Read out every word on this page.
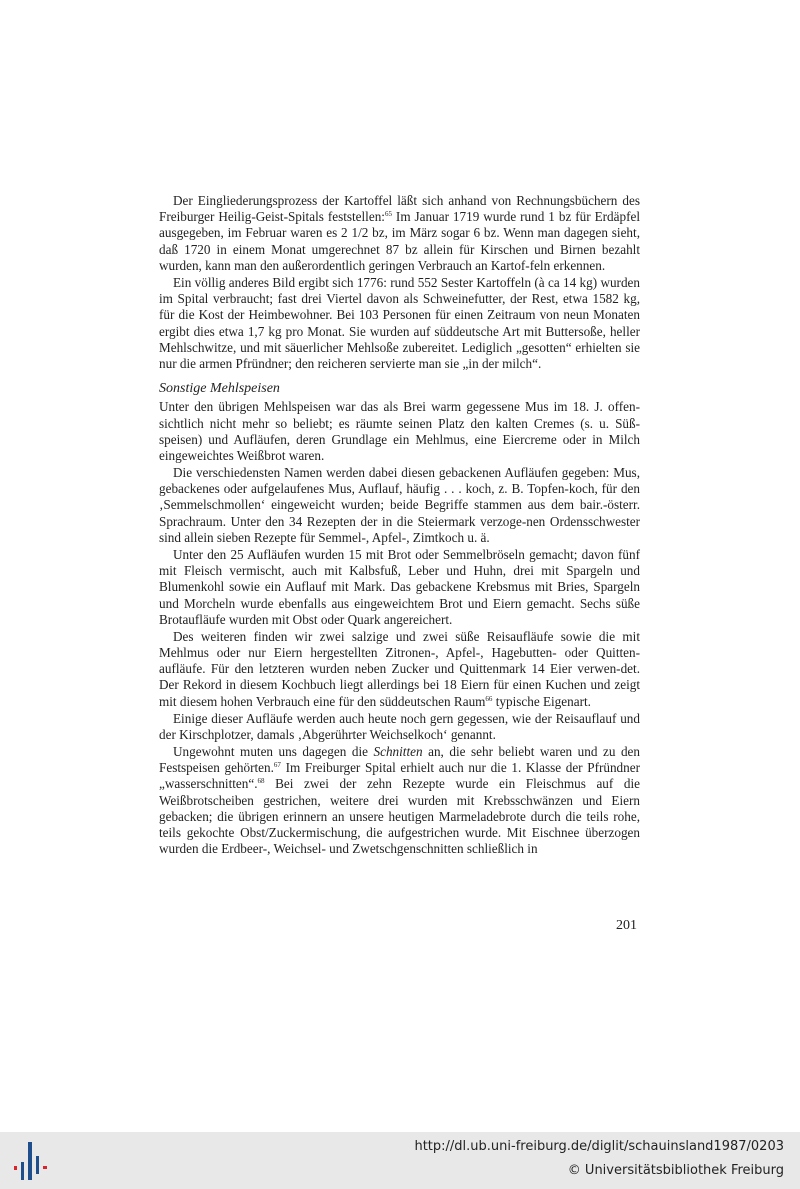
Der Eingliederungsprozess der Kartoffel läßt sich anhand von Rechnungsbüchern des Freiburger Heilig-Geist-Spitals feststellen:$^{65}$ Im Januar 1719 wurde rund 1 bz für Erdäpfel ausgegeben, im Februar waren es 2 1/2 bz, im März sogar 6 bz. Wenn man dagegen sieht, daß 1720 in einem Monat umgerechnet 87 bz allein für Kirschen und Birnen bezahlt wurden, kann man den außerordentlich geringen Verbrauch an Kartof-feln erkennen.

Ein völlig anderes Bild ergibt sich 1776: rund 552 Sester Kartoffeln (à ca 14 kg) wurden im Spital verbraucht; fast drei Viertel davon als Schweinefutter, der Rest, etwa 1582 kg, für die Kost der Heimbewohner. Bei 103 Personen für einen Zeitraum von neun Monaten ergibt dies etwa 1,7 kg pro Monat. Sie wurden auf süddeutsche Art mit Buttersoße, heller Mehlschwitze, und mit säuerlicher Mehlsoße zubereitet. Lediglich „gesotten“ erhielten sie nur die armen Pfründner; den reicheren servierte man sie „in der milch“.

Sonstige Mehlspeisen

Unter den übrigen Mehlspeisen war das als Brei warm gegessene Mus im 18. J. offen-sichtlich nicht mehr so beliebt; es räumte seinen Platz den kalten Cremes (s. u. Süß-speisen) und Aufläufen, deren Grundlage ein Mehlmus, eine Eiercreme oder in Milch eingeweichtes Weißbrot waren.

Die verschiedensten Namen werden dabei diesen gebackenen Aufläufen gegeben: Mus, gebackenes oder aufgelaufenes Mus, Auflauf, häufig . . . koch, z. B. Topfen-koch, für den ‚Semmelschmollen‘ eingeweicht wurden; beide Begriffe stammen aus dem bair.-österr. Sprachraum. Unter den 34 Rezepten der in die Steiermark verzoge-nen Ordensschwester sind allein sieben Rezepte für Semmel-, Apfel-, Zimtkoch u. ä.

Unter den 25 Aufläufen wurden 15 mit Brot oder Semmelbröseln gemacht; davon fünf mit Fleisch vermischt, auch mit Kalbsfuß, Leber und Huhn, drei mit Spargeln und Blumenkohl sowie ein Auflauf mit Mark. Das gebackene Krebsmus mit Bries, Spargeln und Morcheln wurde ebenfalls aus eingeweichtem Brot und Eiern gemacht. Sechs süße Brotaufläufe wurden mit Obst oder Quark angereichert.

Des weiteren finden wir zwei salzige und zwei süße Reisaufläufe sowie die mit Mehlmus oder nur Eiern hergestellten Zitronen-, Apfel-, Hagebutten- oder Quitten-aufläufe. Für den letzteren wurden neben Zucker und Quittenmark 14 Eier verwen-det. Der Rekord in diesem Kochbuch liegt allerdings bei 18 Eiern für einen Kuchen und zeigt mit diesem hohen Verbrauch eine für den süddeutschen Raum$^{66}$ typische Eigenart.

Einige dieser Aufläufe werden auch heute noch gern gegessen, wie der Reisauflauf und der Kirschplotzer, damals ‚Abgerührter Weichselkoch‘ genannt.

Ungewohnt muten uns dagegen die Schnitten an, die sehr beliebt waren und zu den Festspeisen gehörten.$^{67}$ Im Freiburger Spital erhielt auch nur die 1. Klasse der Pfründner „wasserschnitten“.$^{68}$ Bei zwei der zehn Rezepte wurde ein Fleischmus auf die Weißbrotscheiben gestrichen, weitere drei wurden mit Krebsschwänzen und Eiern gebacken; die übrigen erinnern an unsere heutigen Marmeladebrote durch die teils rohe, teils gekochte Obst/Zuckermischung, die aufgestrichen wurde. Mit Eischnee überzogen wurden die Erdbeer-, Weichsel- und Zwetschgenschnitten schließlich in

201
http://dl.ub.uni-freiburg.de/diglit/schauinsland1987/0203
© Universitätsbibliothek Freiburg
